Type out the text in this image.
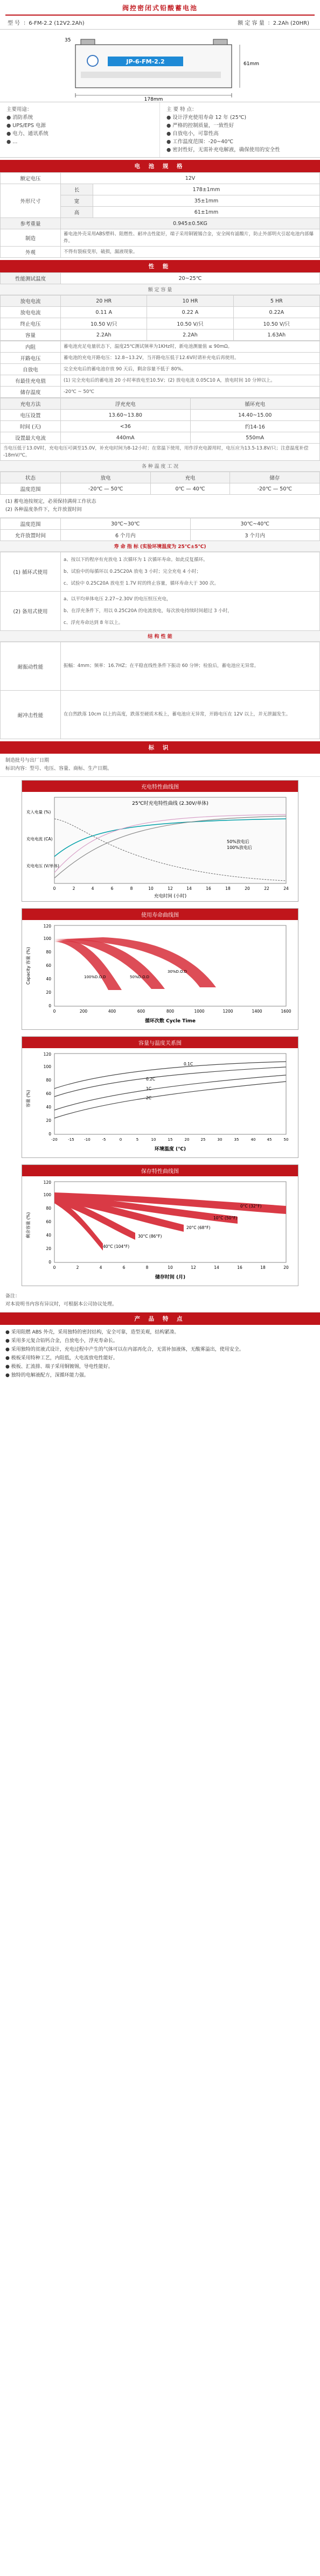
阀控密闭式铅酸蓄电池
型 号 ：6-FM-2.2 (12V2.2Ah)	额 定 容 量 ：2.2Ah (20HR)
JP-6-FM-2.2
178mm
61mm
35
主要用途：
● 消防系统
● UPS/EPS 电源
● 电力、通讯系统
● ...
主 要 特 点：
● 设计浮充使用寿命 12 年 (25℃)
● 严格的控制质量，一致性好
● 自放电小，可靠性高
● 工作温度范围：-20~40℃
● 密封性好，无需补充电解液，确保使用的安全性
电 池 规 格
额定电压	12V	
外形尺寸	长	178±1mm
	宽	35±1mm
	高	61±1mm
参考重量	0.945±0.5KG	
制造	蓄电池外壳采用ABS塑料、阻燃性、耐冲击性能好，端子采用铜镀锡合金，安全阀有滤酸片，防止外部明火引起电池内部爆炸。	
外观	不得有裂痕变形，破损，漏液现象。	
性 能
性能测试温度	20~25℃
额 定 容 量
放电电流	20 HR	10 HR	5 HR
放电电流	0.11 A	0.22 A	0.22A
终止电压	10.50 V/只	10.50 V/只	10.50 V/只
容量	2.2Ah	2.2Ah	1.63Ah
内阻	蓄电池充足电量状态下，温度25℃测试频率为1KHz时，新电池测量值 ≤ 90mΩ。
开路电压	蓄电池的充电开路电压：12.8~13.2V，当开路电压低于12.6V时请补充电后再使用。
自放电	完全充电后的蓄电池存放 90 天后，剩余容量不低于 80%。
有最佳充电值	(1) 完全充电后的蓄电池 20 小时率放电至10.5V；(2) 放电电流 0.05C10 A，放电时间 10 分钟以上。
储存温度	-20℃ ~ 50℃
充电方法	浮充充电	循环充电
电压设置	13.60~13.80	14.40~15.00
时间 (天)	<36	约14-16
设置最大电流	440mA	550mA
当电压低于13.0V时，充电电压可调至15.0V，补充电时间为8-12小时；在常温下使用，用作浮充电源用时，电压应为13.5-13.8V/只；注意温度补偿 -18mV/℃。		
各 种 温 度 工 况
状态	放电	充电	储存
温度范围	-20℃ — 50℃	0℃ — 40℃	-20℃ — 50℃
(1) 蓄电池按规定，必须保持满荷工作状态
(2) 各种温度条件下，允许放置时间
温度范围	30℃~30℃	30℃~40℃
允许放置时间	6 个月内	3 个月内
寿 命 指 标 (实验环境温度为 25℃±5℃)
(1) 循环式使用	a、按以下的程序有充放电 1 次循环为 1 次循环寿命。如此反复循环。
b、试验中的每循环以 0.25C20A 放电 3 小时；完全充电 4 小时；
c、试验中 0.25C20A 放电至 1.7V 时的终止容量，循环寿命大于 300 次。

(2) 备用式使用	a、以平均单体电压 2.27~2.30V 的电压恒压充电，
b、在浮充条件下，用以 0.25C20A 的电流放电，每次放电持续时间超过 3 小时，
c、浮充寿命达到 8 年以上。
结 构 性 能
耐振动性能	振幅：4mm；频率：16.7HZ；在平稳直线性条件下振动 60 分钟；检验后，蓄电池应无异常。
耐冲击性能	在自然跌落 10cm 以上的高度，跌落至硬质木板上，蓄电池应无异常，开路电压在 12V 以上，并无泄漏发生。
标 识
制造批号与出厂日期
标识内容：型号、电压、容量、商标、生产日期。
充电特性曲线图
25℃时充电特性曲线 (2.30V/单体)
50%放电后
100%放电后
充入电量 (%)
充电电流 (CA)
充电电压 (V/单体)
0	2	4	6	8	10	12	14	16	18	20	22	24
充电时间 (小时)
使用寿命曲线图
100%D.O.D	50%D.O.D
30%D.O.D
Capacity 容量 (%)
0	200	400	600	800	1000	1200	1400	1600
0
20
40
60
80
100
120
循环次数 Cycle Time
容量与温度关系图
0.1C
0.2C
1C
2C
容量 (%)
-20	-15	-10	-5	0	5	10	15	20	25	30	35	40	45	50
0
20
40
60
80
100
120
环境温度 (℃)
保存特性曲线图
0°C (32°F)
10°C (50°F)
20°C (68°F)
30°C (86°F)
40°C (104°F)
剩余容量 (%)
0	2	4	6	8	10	12	14	16	18	20
0
20
40
60
80
100
120
储存时间 (月)
备注：
对本说明书内容有异议时，可根据本公司协议处理。
产 品 特 点
● 采用阻燃 ABS 外壳，采用独特的密封结构，安全可靠，造型美观，结构紧凑。
● 采用多元复合铅钙合金，自放电小，浮充寿命长。
● 采用独特的贫液式设计，充电过程中产生的气体可以在内部再化合，无需补加液体，无酸雾溢出，使用安全。
● 极板采用特种工艺，内阻低，大电流放电性能好。
● 极板、汇流排、端子采用铜镀锡，导电性能好。
● 独特的电解液配方，深循环能力强。
